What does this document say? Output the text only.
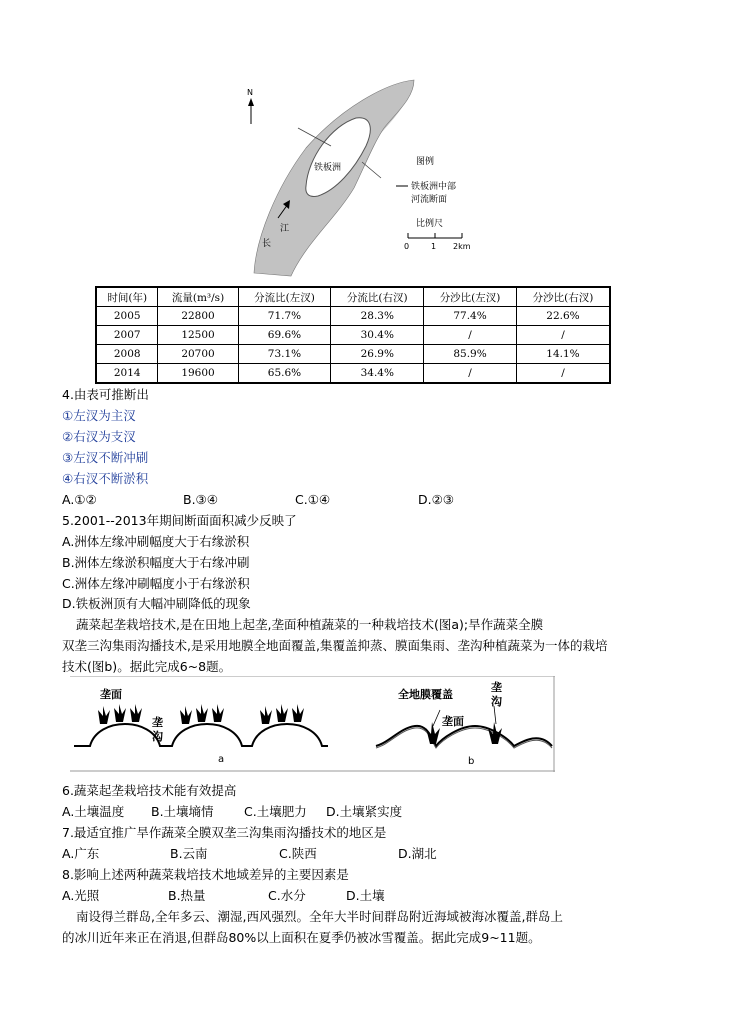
N
铁板洲
江
长
图例
铁板洲中部
河流断面
比例尺
0	1 2km
时间(年)	流量(m³/s)	分流比(左汊)	分流比(右汊)	分沙比(左汊)	分沙比(右汊)
2005	22800	71.7%	28.3%	77.4%	22.6%
2007	12500	69.6%	30.4%	/	/
2008	20700	73.1%	26.9%	85.9%	14.1%
2014	19600	65.6%	34.4%	/	/
4.由表可推断出
①左汊为主汊
②右汊为支汊
③左汊不断冲刷
④右汊不断淤积
A.①②	B.③④	C.①④	D.②③
5.2001--2013年期间断面面积减少反映了
A.洲体左缘冲刷幅度大于右缘淤积
B.洲体左缘淤积幅度大于右缘冲刷
C.洲体左缘冲刷幅度小于右缘淤积
D.铁板洲顶有大幅冲刷降低的现象
蔬菜起垄栽培技术,是在田地上起垄,垄面种植蔬菜的一种栽培技术(图a);旱作蔬菜全膜
双垄三沟集雨沟播技术,是采用地膜全地面覆盖,集覆盖抑蒸、膜面集雨、垄沟种植蔬菜为一体的栽培
技术(图b)。据此完成6~8题。
垄面
垄
沟
a
全地膜覆盖
垄面
垄
沟
b
6.蔬菜起垄栽培技术能有效提高
A.土壤温度 B.土壤墒情 C.土壤肥力 D.土壤紧实度
7.最适宜推广旱作蔬菜全膜双垄三沟集雨沟播技术的地区是
A.广东	B.云南	C.陕西	D.湖北
8.影响上述两种蔬菜栽培技术地域差异的主要因素是
A.光照	B.热量	C.水分	D.土壤
南设得兰群岛,全年多云、潮湿,西风强烈。全年大半时间群岛附近海域被海冰覆盖,群岛上
的冰川近年来正在消退,但群岛80%以上面积在夏季仍被冰雪覆盖。据此完成9~11题。
